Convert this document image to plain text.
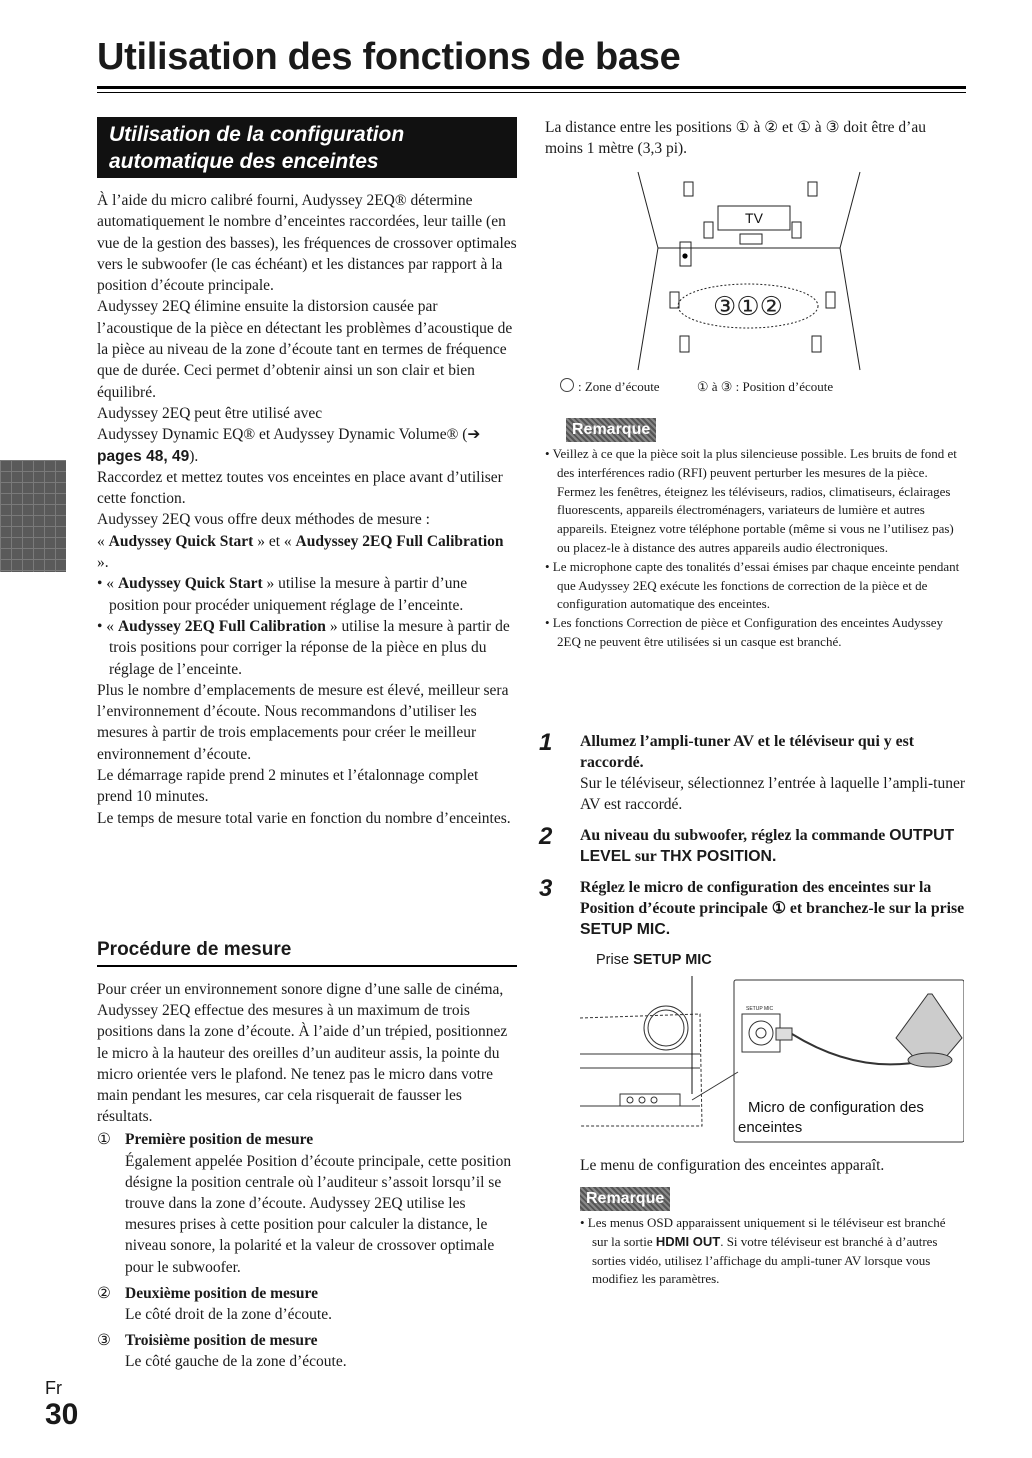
Utilisation des fonctions de base
Utilisation de la configuration
automatique des enceintes

À l’aide du micro calibré fourni, Audyssey 2EQ® détermine automatiquement le nombre d’enceintes raccordées, leur taille (en vue de la gestion des basses), les fréquences de crossover optimales vers le subwoofer (le cas échéant) et les distances par rapport à la position d’écoute principale.

Audyssey 2EQ élimine ensuite la distorsion causée par l’acoustique de la pièce en détectant les problèmes d’acoustique de la pièce au niveau de la zone d’écoute tant en termes de fréquence que de durée. Ceci permet d’obtenir ainsi un son clair et bien équilibré.

Audyssey 2EQ peut être utilisé avec

Audyssey Dynamic EQ® et Audyssey Dynamic Volume® (➔ pages 48, 49).

Raccordez et mettez toutes vos enceintes en place avant d’utiliser cette fonction.

Audyssey 2EQ vous offre deux méthodes de mesure :

« Audyssey Quick Start » et « Audyssey 2EQ Full Calibration ».

• « Audyssey Quick Start » utilise la mesure à partir d’une position pour procéder uniquement réglage de l’enceinte.

• « Audyssey 2EQ Full Calibration » utilise la mesure à partir de trois positions pour corriger la réponse de la pièce en plus du réglage de l’enceinte.

Plus le nombre d’emplacements de mesure est élevé, meilleur sera l’environnement d’écoute. Nous recommandons d’utiliser les mesures à partir de trois emplacements pour créer le meilleur environnement d’écoute.

Le démarrage rapide prend 2 minutes et l’étalonnage complet prend 10 minutes.

Le temps de mesure total varie en fonction du nombre d’enceintes.

Procédure de mesure

Pour créer un environnement sonore digne d’une salle de cinéma, Audyssey 2EQ effectue des mesures à un maximum de trois positions dans la zone d’écoute. À l’aide d’un trépied, positionnez le micro à la hauteur des oreilles d’un auditeur assis, la pointe du micro orientée vers le plafond. Ne tenez pas le micro dans votre main pendant les mesures, car cela risquerait de fausser les résultats.

① Première position de mesure
Également appelée Position d’écoute principale, cette position désigne la position centrale où l’auditeur s’assoit lorsqu’il se trouve dans la zone d’écoute. Audyssey 2EQ utilise les mesures prises à cette position pour calculer la distance, le niveau sonore, la polarité et la valeur de crossover optimale pour le subwoofer.
② Deuxième position de mesure
Le côté droit de la zone d’écoute.
③ Troisième position de mesure
Le côté gauche de la zone d’écoute.
Fr
30
La distance entre les positions ① à ② et ① à ③ doit être d’au moins 1 mètre (3,3 pi).
TV
③①②
: Zone d’écoute	① à ③ : Position d’écoute
Remarque
• Veillez à ce que la pièce soit la plus silencieuse possible. Les bruits de fond et des interférences radio (RFI) peuvent perturber les mesures de la pièce. Fermez les fenêtres, éteignez les téléviseurs, radios, climatiseurs, éclairages fluorescents, appareils électroménagers, variateurs de lumière et autres appareils. Eteignez votre téléphone portable (même si vous ne l’utilisez pas) ou placez-le à distance des autres appareils audio électroniques.
• Le microphone capte des tonalités d’essai émises par chaque enceinte pendant que Audyssey 2EQ exécute les fonctions de correction de la pièce et de configuration automatique des enceintes.
• Les fonctions Correction de pièce et Configuration des enceintes Audyssey 2EQ ne peuvent être utilisées si un casque est branché.
1 Allumez l’ampli-tuner AV et le téléviseur qui y est raccordé.
Sur le téléviseur, sélectionnez l’entrée à laquelle l’ampli-tuner AV est raccordé.
2 Au niveau du subwoofer, réglez la commande OUTPUT LEVEL sur THX POSITION.
3 Réglez le micro de configuration des enceintes sur la Position d’écoute principale ① et branchez-le sur la prise SETUP MIC.
Prise SETUP MIC
SETUP MIC
Micro de configuration des
enceintes
Le menu de configuration des enceintes apparaît.
Remarque
• Les menus OSD apparaissent uniquement si le téléviseur est branché sur la sortie HDMI OUT. Si votre téléviseur est branché à d’autres sorties vidéo, utilisez l’affichage du ampli-tuner AV lorsque vous modifiez les paramètres.
